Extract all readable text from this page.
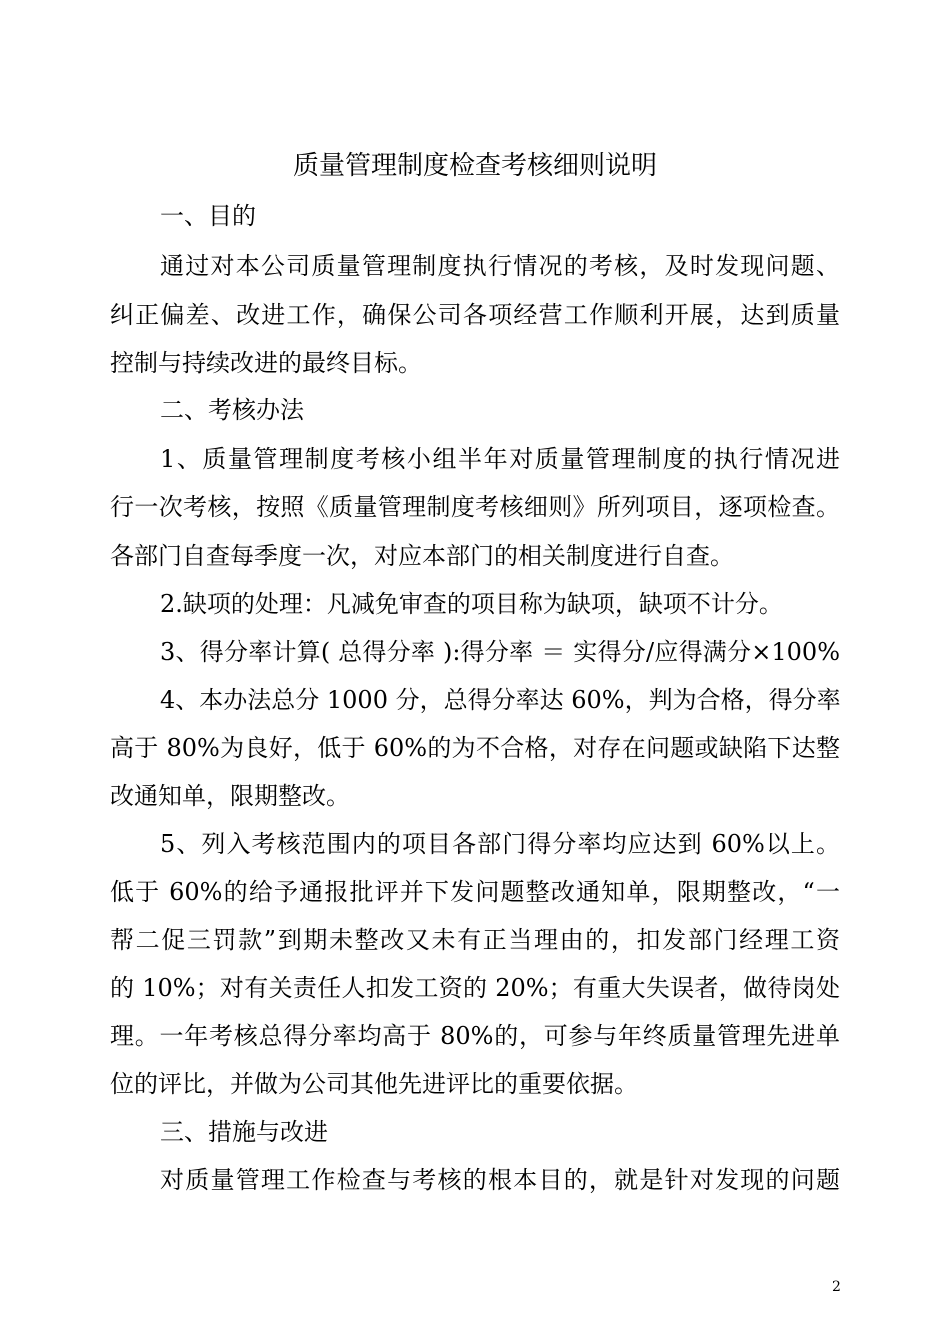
质量管理制度检查考核细则说明
一、目的
通过对本公司质量管理制度执行情况的考核，及时发现问题、
纠正偏差、改进工作，确保公司各项经营工作顺利开展，达到质量
控制与持续改进的最终目标。
二、考核办法
1、质量管理制度考核小组半年对质量管理制度的执行情况进
行一次考核，按照《质量管理制度考核细则》所列项目，逐项检查。
各部门自查每季度一次，对应本部门的相关制度进行自查。
2.缺项的处理：凡减免审查的项目称为缺项，缺项不计分。
3、得分率计算( 总得分率 ):得分率 ＝ 实得分/应得满分×100%
4、本办法总分 1000 分，总得分率达 60%，判为合格，得分率
高于 80%为良好，低于 60%的为不合格，对存在问题或缺陷下达整
改通知单，限期整改。
5、列入考核范围内的项目各部门得分率均应达到 60%以上。
低于 60%的给予通报批评并下发问题整改通知单，限期整改，“一
帮二促三罚款”到期未整改又未有正当理由的，扣发部门经理工资
的 10%；对有关责任人扣发工资的 20%；有重大失误者，做待岗处
理。一年考核总得分率均高于 80%的，可参与年终质量管理先进单
位的评比，并做为公司其他先进评比的重要依据。
三、措施与改进
对质量管理工作检查与考核的根本目的，就是针对发现的问题
2
